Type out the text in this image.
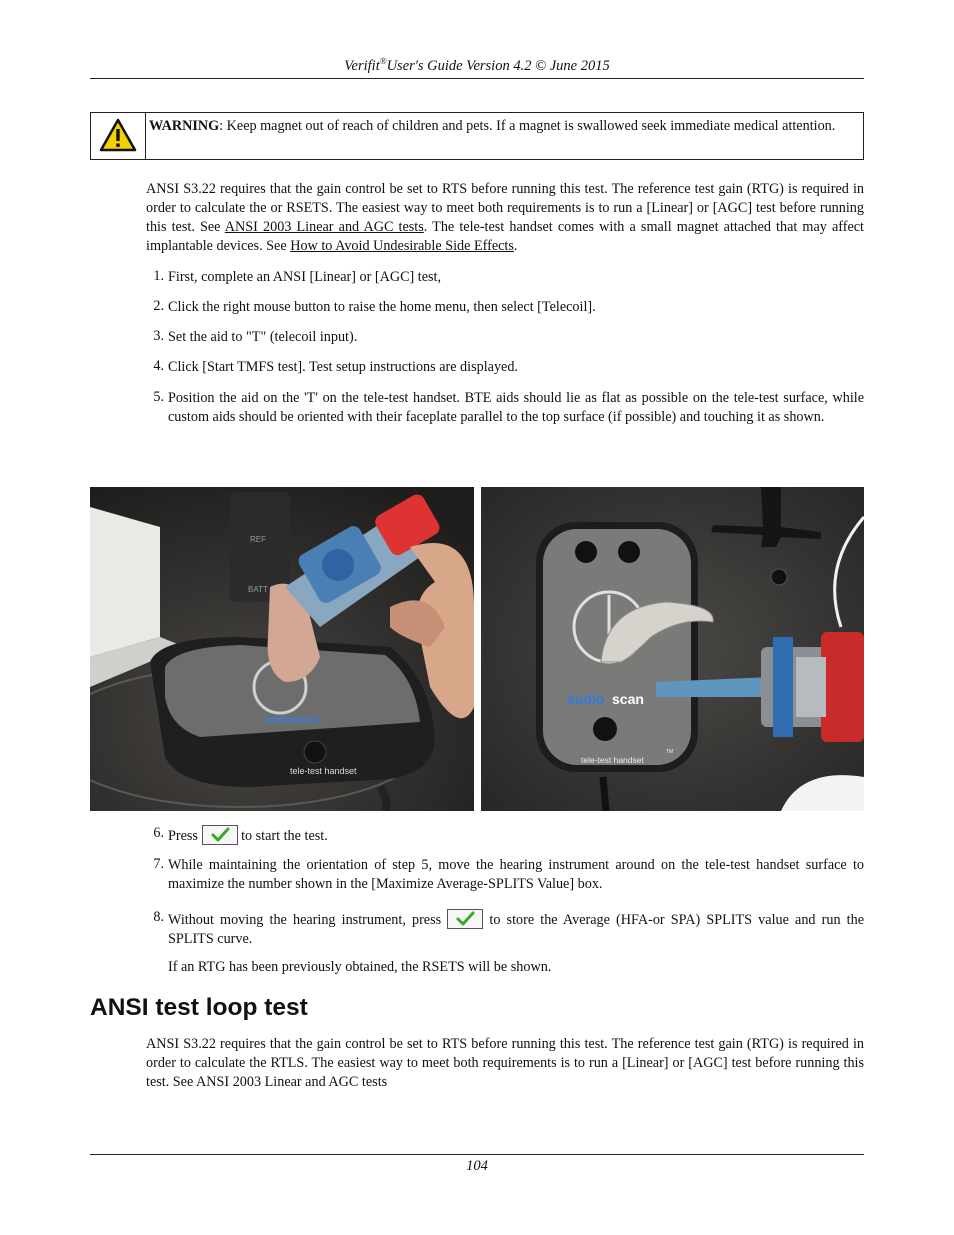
Verifit®User's Guide Version 4.2 © June 2015
WARNING: Keep magnet out of reach of children and pets. If a magnet is swallowed seek immediate medical attention.
ANSI S3.22 requires that the gain control be set to RTS before running this test. The reference test gain (RTG) is required in order to calculate the or RSETS. The easiest way to meet both requirements is to run a [Linear] or [AGC] test before running this test. See ANSI 2003 Linear and AGC tests. The tele-test handset comes with a small magnet attached that may affect implantable devices. See How to Avoid Undesirable Side Effects.
1. First, complete an ANSI [Linear] or [AGC] test,
2. Click the right mouse button to raise the home menu, then select [Telecoil].
3. Set the aid to "T" (telecoil input).
4. Click [Start TMFS test]. Test setup instructions are displayed.
5. Position the aid on the 'T' on the tele-test handset. BTE aids should lie as flat as possible on the tele-test surface, while custom aids should be oriented with their faceplate parallel to the top surface (if possible) and touching it as shown.
REF
BATT
audioscan
tele-test handset
audio scan
tele-test handset
TM
6. Press	to start the test.
7. While maintaining the orientation of step 5, move the hearing instrument around on the tele-test handset surface to maximize the number shown in the [Maximize Average-SPLITS Value] box.
8. Without moving the hearing instrument, press	to store the Average (HFA-or SPA) SPLITS value and run the SPLITS curve.
If an RTG has been previously obtained, the RSETS will be shown.
ANSI test loop test
ANSI S3.22 requires that the gain control be set to RTS before running this test. The reference test gain (RTG) is required in order to calculate the RTLS. The easiest way to meet both requirements is to run a [Linear] or [AGC] test before running this test. See ANSI 2003 Linear and AGC tests
104
